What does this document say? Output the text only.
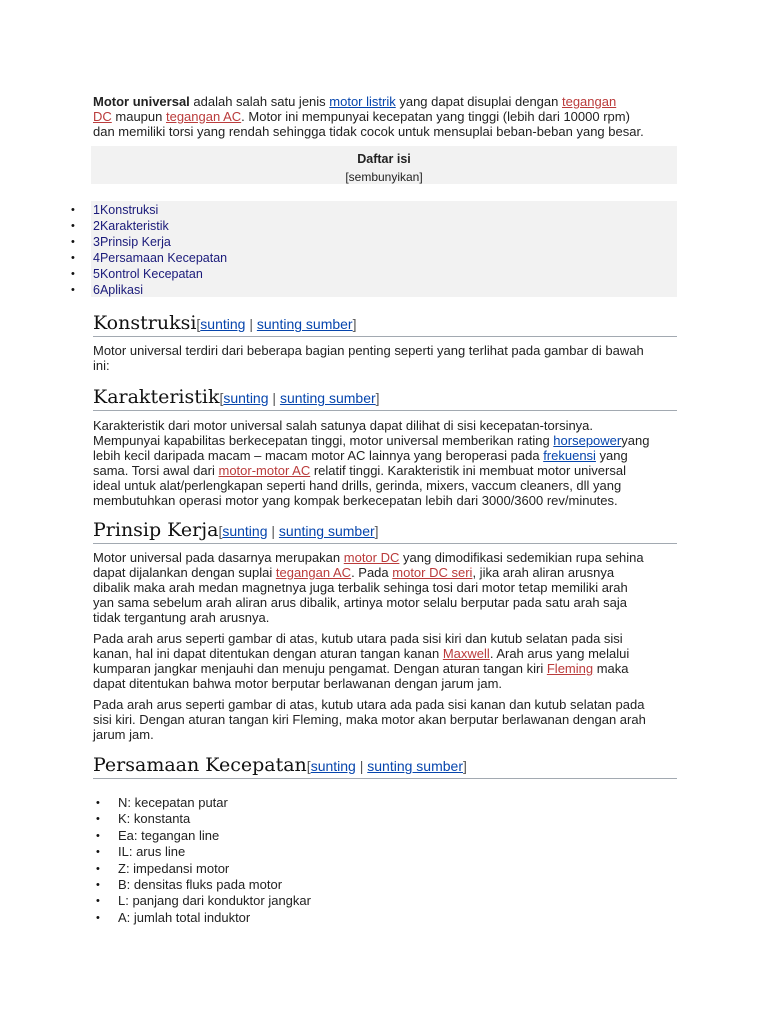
Motor universal adalah salah satu jenis motor listrik yang dapat disuplai dengan tegangan

DC maupun tegangan AC. Motor ini mempunyai kecepatan yang tinggi (lebih dari 10000 rpm)

dan memiliki torsi yang rendah sehingga tidak cocok untuk mensuplai beban-beban yang besar.

Daftar isi
[sembunyikan]
• 1Konstruksi
• 2Karakteristik
• 3Prinsip Kerja
• 4Persamaan Kecepatan
• 5Kontrol Kecepatan
• 6Aplikasi
Konstruksi[sunting | sunting sumber]

Motor universal terdiri dari beberapa bagian penting seperti yang terlihat pada gambar di bawah

ini:

Karakteristik[sunting | sunting sumber]

Karakteristik dari motor universal salah satunya dapat dilihat di sisi kecepatan-torsinya.

Mempunyai kapabilitas berkecepatan tinggi, motor universal memberikan rating horsepoweryang

lebih kecil daripada macam – macam motor AC lainnya yang beroperasi pada frekuensi yang

sama. Torsi awal dari motor-motor AC relatif tinggi. Karakteristik ini membuat motor universal

ideal untuk alat/perlengkapan seperti hand drills, gerinda, mixers, vaccum cleaners, dll yang

membutuhkan operasi motor yang kompak berkecepatan lebih dari 3000/3600 rev/minutes.

Prinsip Kerja[sunting | sunting sumber]

Motor universal pada dasarnya merupakan motor DC yang dimodifikasi sedemikian rupa sehina

dapat dijalankan dengan suplai tegangan AC. Pada motor DC seri, jika arah aliran arusnya

dibalik maka arah medan magnetnya juga terbalik sehinga tosi dari motor tetap memiliki arah

yan sama sebelum arah aliran arus dibalik, artinya motor selalu berputar pada satu arah saja

tidak tergantung arah arusnya.

Pada arah arus seperti gambar di atas, kutub utara pada sisi kiri dan kutub selatan pada sisi

kanan, hal ini dapat ditentukan dengan aturan tangan kanan Maxwell. Arah arus yang melalui

kumparan jangkar menjauhi dan menuju pengamat. Dengan aturan tangan kiri Fleming maka

dapat ditentukan bahwa motor berputar berlawanan dengan jarum jam.

Pada arah arus seperti gambar di atas, kutub utara ada pada sisi kanan dan kutub selatan pada

sisi kiri. Dengan aturan tangan kiri Fleming, maka motor akan berputar berlawanan dengan arah

jarum jam.

Persamaan Kecepatan[sunting | sunting sumber]
• N: kecepatan putar
• K: konstanta
• Ea: tegangan line
• IL: arus line
• Z: impedansi motor
• B: densitas fluks pada motor
• L: panjang dari konduktor jangkar
• A: jumlah total induktor
